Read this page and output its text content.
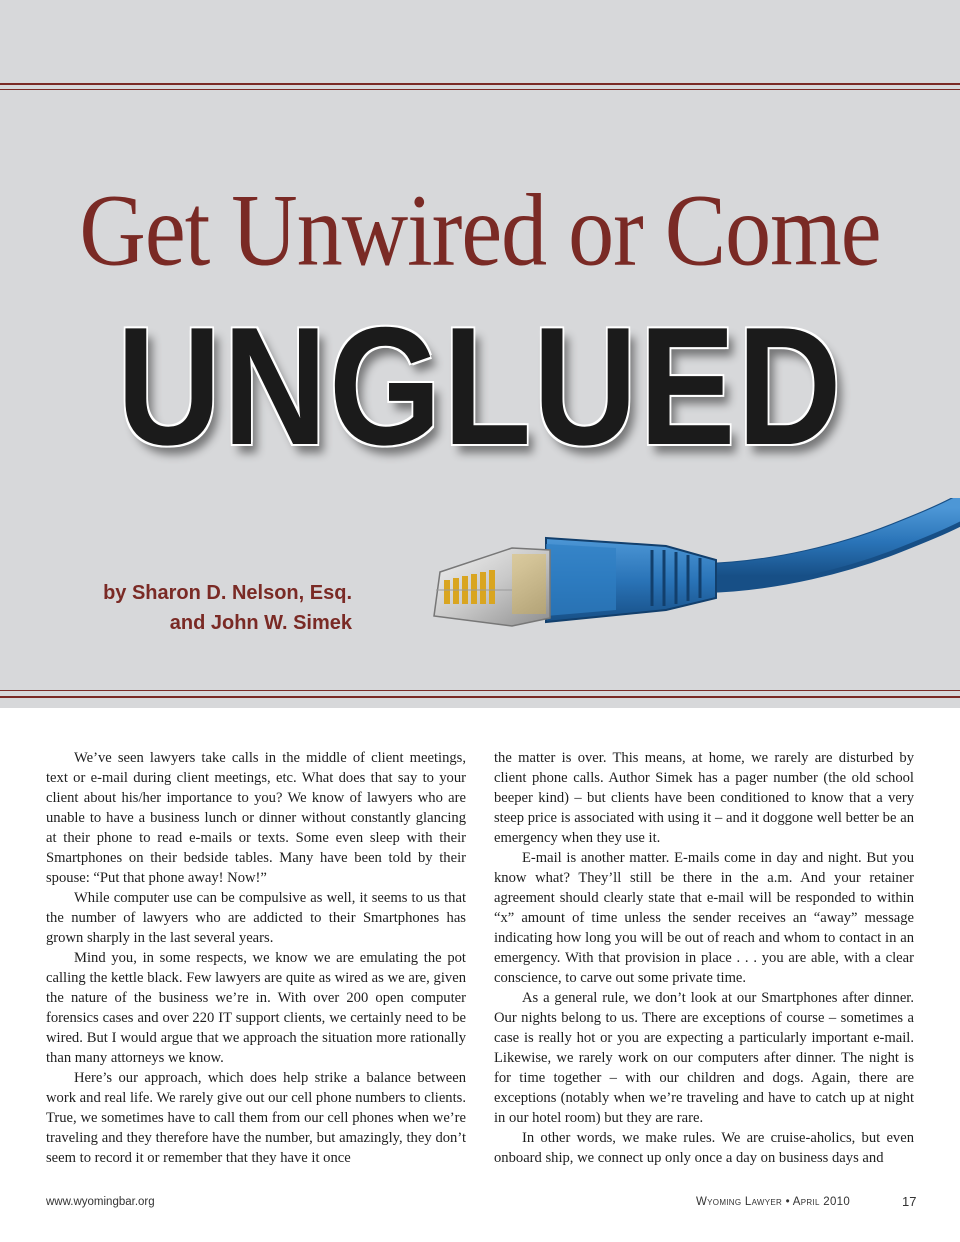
Get Unwired or Come
UNGLUED
by Sharon D. Nelson, Esq.
and John W. Simek

We’ve seen lawyers take calls in the middle of client meetings, text or e-mail during client meetings, etc. What does that say to your client about his/her importance to you? We know of lawyers who are unable to have a business lunch or dinner without constantly glancing at their phone to read e-mails or texts. Some even sleep with their Smartphones on their bedside tables. Many have been told by their spouse: “Put that phone away! Now!”

While computer use can be compulsive as well, it seems to us that the number of lawyers who are addicted to their Smartphones has grown sharply in the last several years.

Mind you, in some respects, we know we are emulating the pot calling the kettle black. Few lawyers are quite as wired as we are, given the nature of the business we’re in. With over 200 open computer forensics cases and over 220 IT support clients, we certainly need to be wired. But I would argue that we approach the situation more rationally than many attorneys we know.

Here’s our approach, which does help strike a balance between work and real life. We rarely give out our cell phone numbers to clients. True, we sometimes have to call them from our cell phones when we’re traveling and they therefore have the number, but amazingly, they don’t seem to record it or remember that they have it once

the matter is over. This means, at home, we rarely are disturbed by client phone calls. Author Simek has a pager number (the old school beeper kind) – but clients have been conditioned to know that a very steep price is associated with using it – and it doggone well better be an emergency when they use it.

E-mail is another matter. E-mails come in day and night. But you know what? They’ll still be there in the a.m. And your retainer agreement should clearly state that e-mail will be responded to within “x” amount of time unless the sender receives an “away” message indicating how long you will be out of reach and whom to contact in an emergency. With that provision in place . . . you are able, with a clear conscience, to carve out some private time.

As a general rule, we don’t look at our Smartphones after dinner. Our nights belong to us. There are exceptions of course – sometimes a case is really hot or you are expecting a particularly important e-mail. Likewise, we rarely work on our computers after dinner. The night is for time together – with our children and dogs. Again, there are exceptions (notably when we’re traveling and have to catch up at night in our hotel room) but they are rare.

In other words, we make rules. We are cruise-aholics, but even onboard ship, we connect up only once a day on business days and

www.wyomingbar.org	Wyoming Lawyer • April 2010	17
